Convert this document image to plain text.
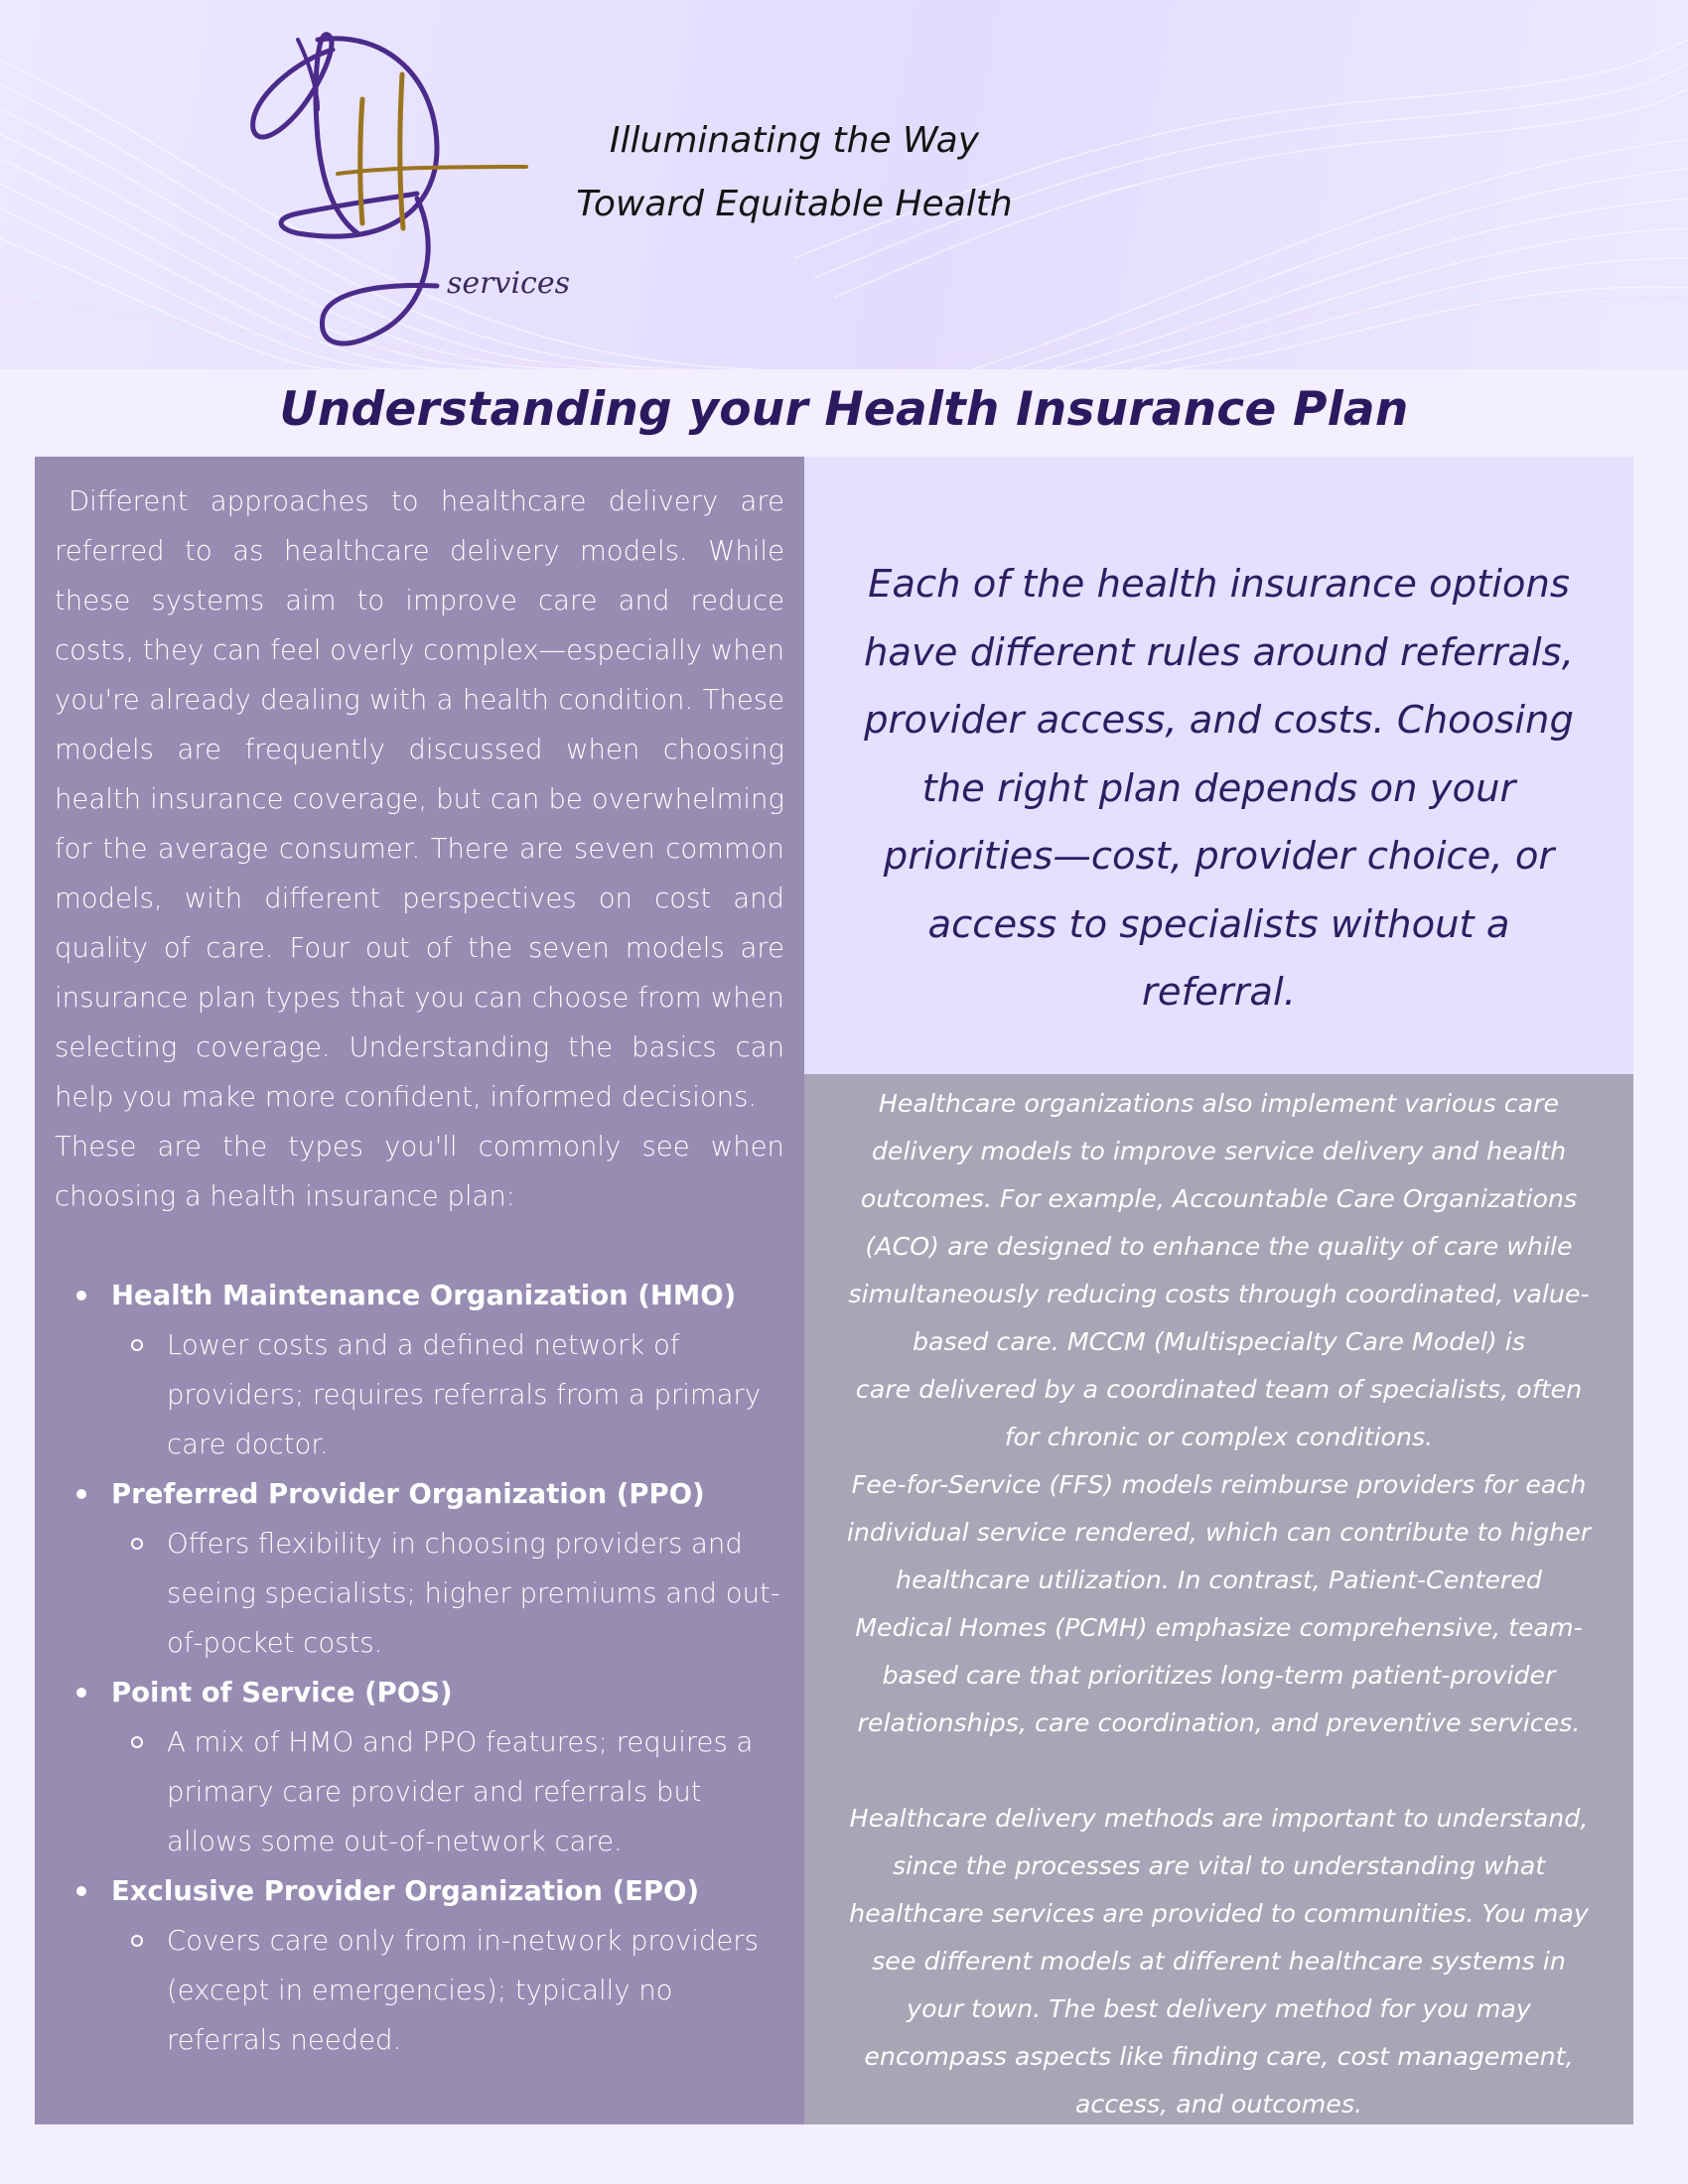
services
Illuminating the Way
Toward Equitable Health
Understanding your Health Insurance Plan

Different approaches to healthcare delivery are referred to as healthcare delivery models. While these systems aim to improve care and reduce costs, they can feel overly complex—especially when you're already dealing with a health condition. These models are frequently discussed when choosing health insurance coverage, but can be overwhelming for the average consumer. There are seven common models, with different perspectives on cost and quality of care. Four out of the seven models are insurance plan types that you can choose from when selecting coverage. Understanding the basics can help you make more confident, informed decisions.

These are the types you'll commonly see when choosing a health insurance plan:

Health Maintenance Organization (HMO)
Lower costs and a defined network of providers; requires referrals from a primary care doctor.
Preferred Provider Organization (PPO)
Offers flexibility in choosing providers and seeing specialists; higher premiums and out-of-pocket costs.
Point of Service (POS)
A mix of HMO and PPO features; requires a primary care provider and referrals but allows some out-of-network care.
Exclusive Provider Organization (EPO)
Covers care only from in-network providers (except in emergencies); typically no referrals needed.
Each of the health insurance options
have different rules around referrals,
provider access, and costs. Choosing
the right plan depends on your
priorities—cost, provider choice, or
access to specialists without a
referral.

Healthcare organizations also implement various care
delivery models to improve service delivery and health
outcomes. For example, Accountable Care Organizations
(ACO) are designed to enhance the quality of care while
simultaneously reducing costs through coordinated, value-
based care. MCCM (Multispecialty Care Model) is
care delivered by a coordinated team of specialists, often
for chronic or complex conditions.
Fee-for-Service (FFS) models reimburse providers for each
individual service rendered, which can contribute to higher
healthcare utilization. In contrast, Patient-Centered
Medical Homes (PCMH) emphasize comprehensive, team-
based care that prioritizes long-term patient-provider
relationships, care coordination, and preventive services.

Healthcare delivery methods are important to understand,
since the processes are vital to understanding what
healthcare services are provided to communities. You may
see different models at different healthcare systems in
your town. The best delivery method for you may
encompass aspects like finding care, cost management,
access, and outcomes.
